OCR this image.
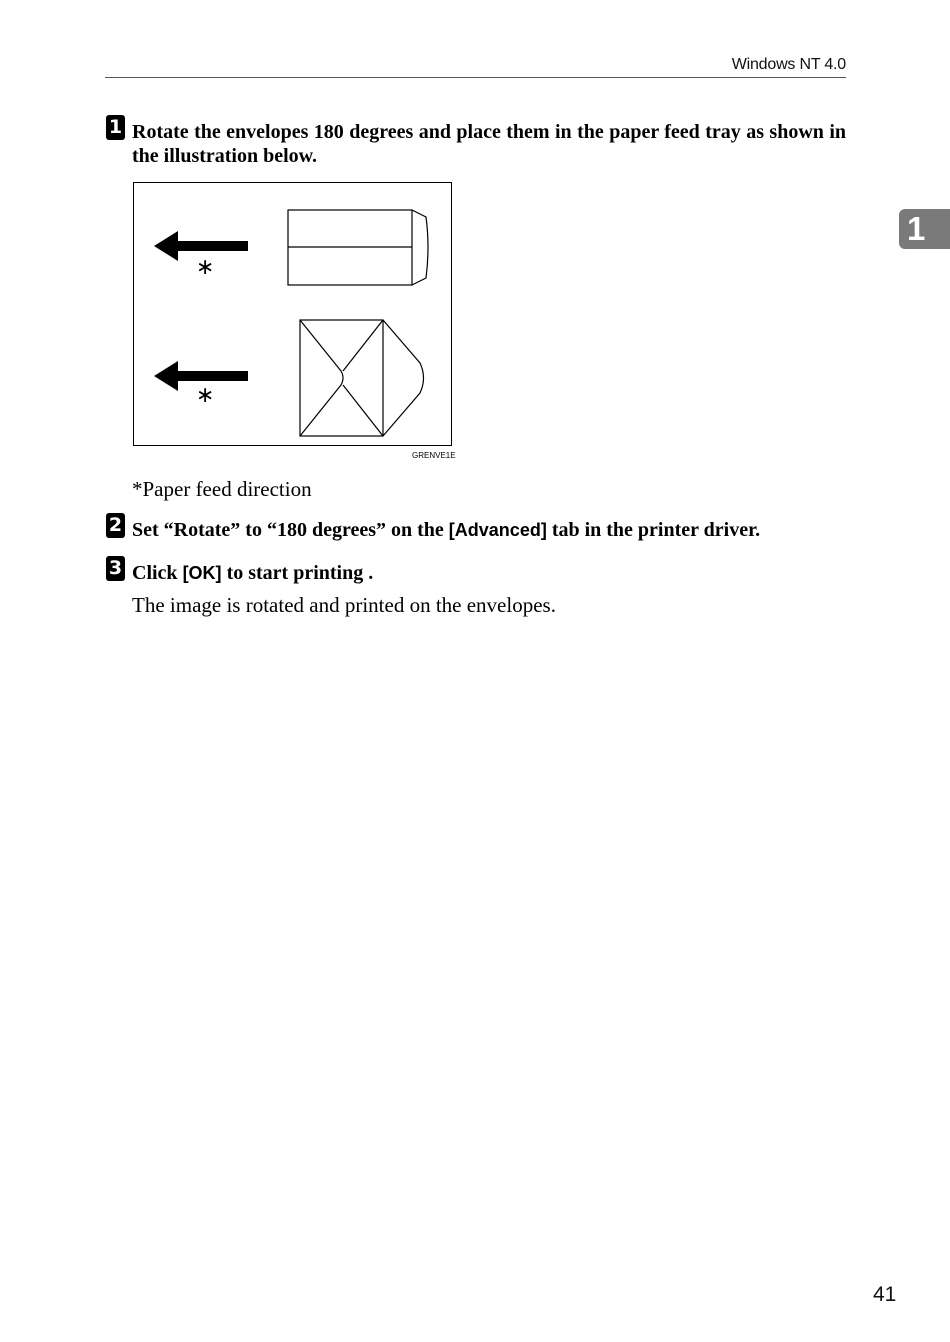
Windows NT 4.0
1
1 Rotate the envelopes 180 degrees and place them in the paper feed tray as shown in the illustration below.
∗
∗
GRENVE1E
*Paper feed direction
2 Set “Rotate” to “180 degrees” on the [Advanced] tab in the printer driver.
3 Click [OK] to start printing .
The image is rotated and printed on the envelopes.
41
